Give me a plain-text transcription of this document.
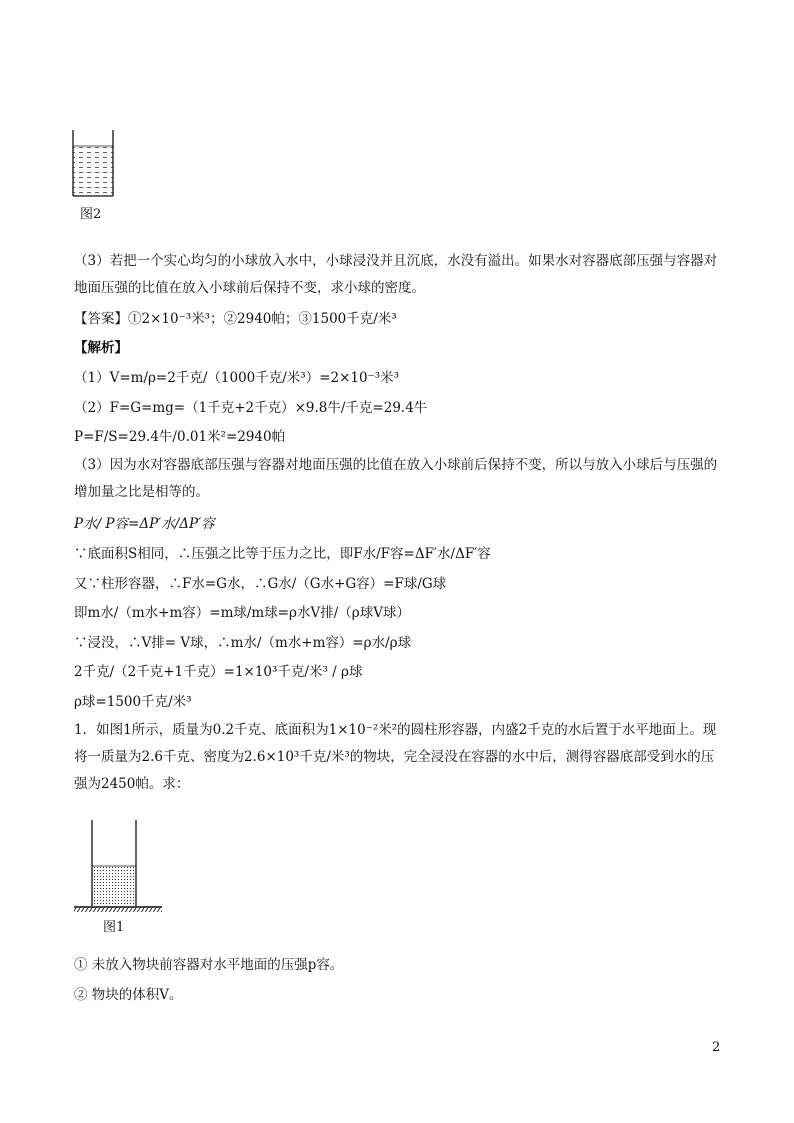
图2

（3）若把一个实心均匀的小球放入水中，小球浸没并且沉底，水没有溢出。如果水对容器底部压强与容器对地面压强的比值在放入小球前后保持不变，求小球的密度。

【答案】①2×10⁻³米³；②2940帕；③1500千克/米³
【解析】
（1）V=m/ρ=2千克/（1000千克/米³）=2×10⁻³米³
（2）F=G=mg=（1千克+2千克）×9.8牛/千克=29.4牛
P=F/S=29.4牛/0.01米²=2940帕

（3）因为水对容器底部压强与容器对地面压强的比值在放入小球前后保持不变，所以与放入小球后与压强的增加量之比是相等的。

P水/ P容=ΔP′水/ΔP′容
∵底面积S相同，∴压强之比等于压力之比，即F水/F容=ΔF′水/ΔF′容
又∵柱形容器，∴F水=G水，∴G水/（G水+G容）=F球/G球
即m水/（m水+m容）=m球/m球=ρ水V排/（ρ球V球）
∵浸没，∴V排= V球，∴m水/（m水+m容）=ρ水/ρ球
2千克/（2千克+1千克）=1×10³千克/米³ / ρ球
ρ球=1500千克/米³

1．如图1所示，质量为0.2千克、底面积为1×10⁻²米²的圆柱形容器，内盛2千克的水后置于水平地面上。现将一质量为2.6千克、密度为2.6×10³千克/米³的物块，完全浸没在容器的水中后，测得容器底部受到水的压强为2450帕。求：

图1
① 未放入物块前容器对水平地面的压强p容。
② 物块的体积V。
2
